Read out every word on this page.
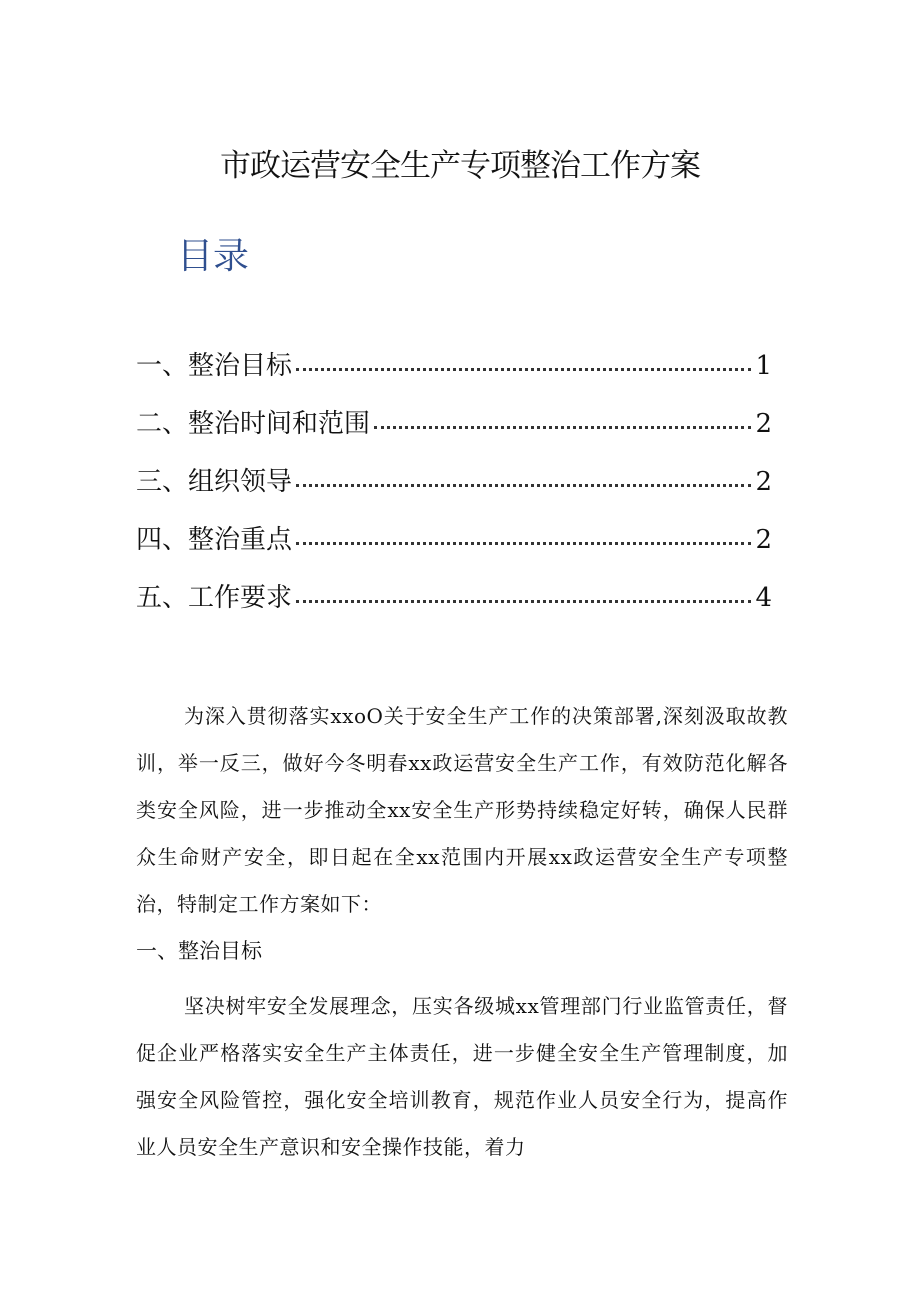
市政运营安全生产专项整治工作方案
目录
一、整治目标	1
二、整治时间和范围	2
三、组织领导	2
四、整治重点	2
五、工作要求	4

为深入贯彻落实xxoO关于安全生产工作的决策部署,深刻汲取故教训，举一反三，做好今冬明春xx政运营安全生产工作，有效防范化解各类安全风险，进一步推动全xx安全生产形势持续稳定好转，确保人民群众生命财产安全，即日起在全xx范围内开展xx政运营安全生产专项整治，特制定工作方案如下：

一、整治目标

坚决树牢安全发展理念，压实各级城xx管理部门行业监管责任，督促企业严格落实安全生产主体责任，进一步健全安全生产管理制度，加强安全风险管控，强化安全培训教育，规范作业人员安全行为，提高作业人员安全生产意识和安全操作技能，着力
